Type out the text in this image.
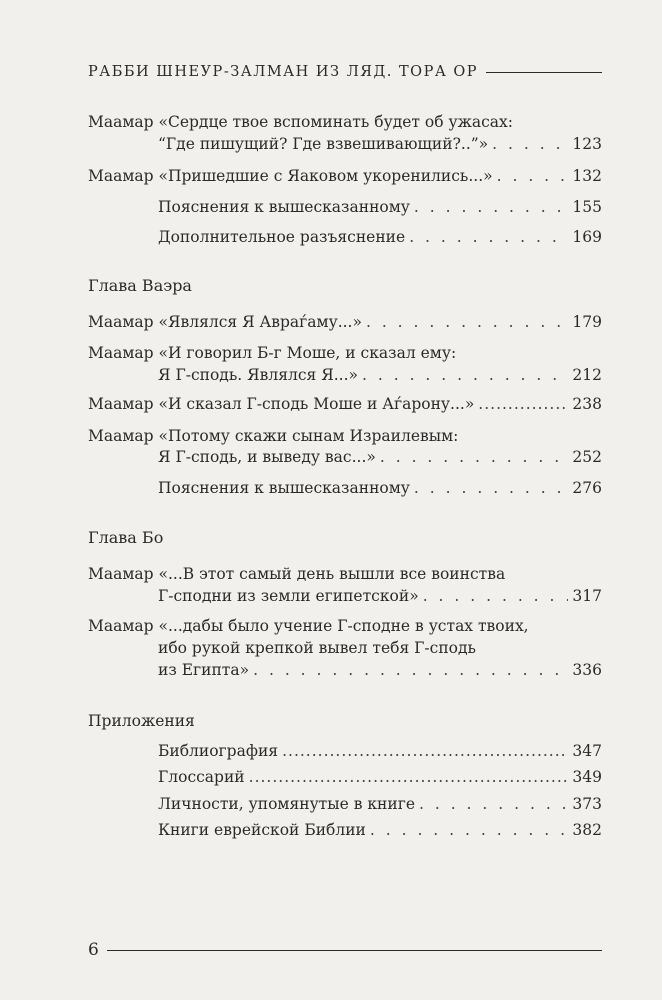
РАББИ ШНЕУР-ЗАЛМАН ИЗ ЛЯД. ТОРА ОР
Маамар «Сердце твое вспоминать будет об ужасах:
“Где пишущий? Где взвешивающий?..”» . . .	123
Маамар «Пришедшие с Яаковом укоренились...» . . .	132
Пояснения к вышесказанному . . .	155
Дополнительное разъяснение . . .	169
Глава Ваэра
Маамар «Являлся Я Авраѓаму...» . . .	179
Маамар «И говорил Б-г Моше, и сказал ему:
Я Г-сподь. Являлся Я...» . . .	212
Маамар «И сказал Г-сподь Моше и Аѓарону...» .....	238
Маамар «Потому скажи сынам Израилевым:
Я Г-сподь, и выведу вас...» . . .	252
Пояснения к вышесказанному . . .	276
Глава Бо
Маамар «...В этот самый день вышли все воинства
Г-сподни из земли египетской» . . .	317
Маамар «...дабы было учение Г-сподне в устах твоих,
ибо рукой крепкой вывел тебя Г-сподь
из Египта» . . .	336
Приложения
Библиография .....	347
Глоссарий .....	349
Личности, упомянутые в книге . . .	373
Книги еврейской Библии . . .	382
6
